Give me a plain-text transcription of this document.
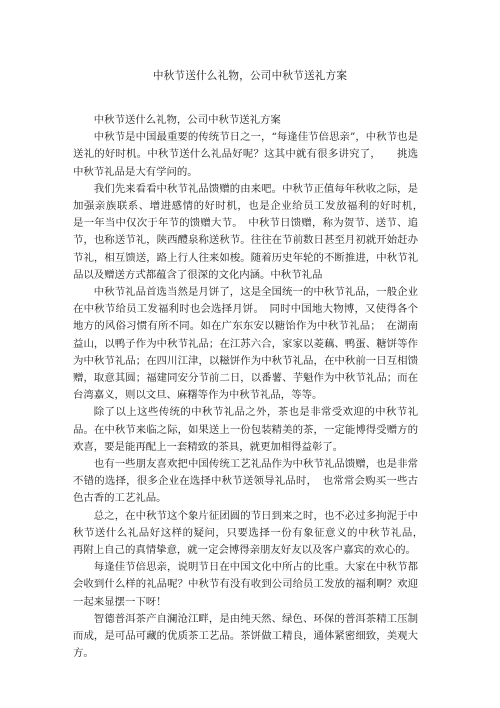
中秋节送什么礼物，公司中秋节送礼方案

中秋节送什么礼物，公司中秋节送礼方案

中秋节是中国最重要的传统节日之一，“每逢佳节倍思亲”，中秋节也是送礼的好时机。中秋节送什么礼品好呢？这其中就有很多讲究了，　　挑选中秋节礼品是大有学问的。

我们先来看看中秋节礼品馈赠的由来吧。中秋节正值每年秋收之际，是加强亲族联系、增进感情的好时机，也是企业给员工发放福利的好时机，　是一年当中仅次于年节的馈赠大节。　中秋节日馈赠，称为贺节、送节、追节，也称送节礼，陕西醴泉称送秋节。往往在节前数日甚至月初就开始赶办节礼，相互馈送，路上行人往来如梭。随着历史年轮的不断推进，中秋节礼品以及赠送方式都蕴含了很深的文化内涵。中秋节礼品

中秋节礼品首选当然是月饼了，这是全国统一的中秋节礼品，一般企业在中秋节给员工发福利时也会选择月饼。　同时中国地大物博，又使得各个地方的风俗习惯有所不同。如在广东东安以糖饴作为中秋节礼品；　在湖南益山，以鸭子作为中秋节礼品；在江苏六合，家家以菱藕、鸭蛋、糖饼等作为中秋节礼品；在四川江津，以糍饼作为中秋节礼品，在中秋前一日互相馈赠，取意其圆；福建同安分节前二日，以番薯、芋魁作为中秋节礼品；而在台湾嘉义，则以文旦、麻糬等作为中秋节礼品，等等。

除了以上这些传统的中秋节礼品之外，茶也是非常受欢迎的中秋节礼品。在中秋节来临之际，如果送上一份包装精美的茶，一定能博得受赠方的欢喜，要是能再配上一套精致的茶具，就更加相得益彰了。

也有一些朋友喜欢把中国传统工艺礼品作为中秋节礼品馈赠，也是非常不错的选择，很多企业在选择中秋节送领导礼品时，　也常常会购买一些古色古香的工艺礼品。

总之，在中秋节这个象片征团圆的节日到来之时，也不必过多拘泥于中秋节送什么礼品好这样的疑问，只要选择一份有象征意义的中秋节礼品，　再附上自己的真情挚意，就一定会博得亲朋友好友以及客户嘉宾的欢心的。

每逢佳节倍思亲，说明节日在中国文化中所占的比重。大家在中秋节都会收到什么样的礼品呢？中秋节有没有收到公司给员工发放的福利啊？欢迎一起来显摆一下呀！

智德普洱茶产自澜沧江畔，是由纯天然、绿色、环保的普洱茶精工压制而成，是可品可藏的优质茶工艺品。茶饼做工精良，通体紧密细致，美观大方。
